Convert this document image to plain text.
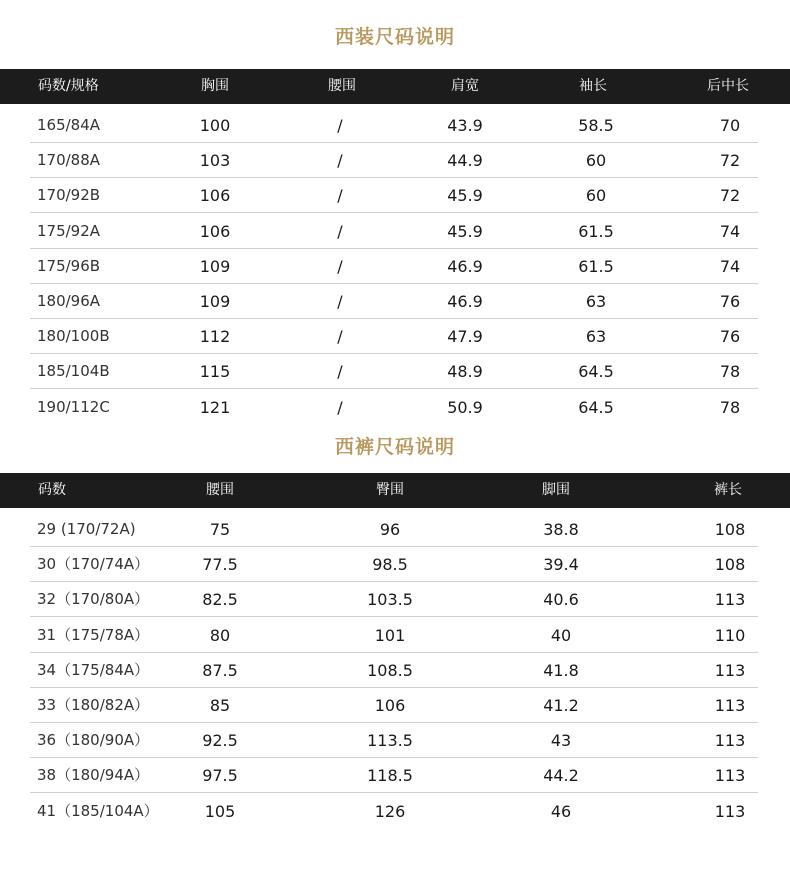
西装尺码说明
码数/规格	胸围	腰围	肩宽	袖长	后中长
165/84A	100	/	43.9	58.5	70
170/88A	103	/	44.9	60	72
170/92B	106	/	45.9	60	72
175/92A	106	/	45.9	61.5	74
175/96B	109	/	46.9	61.5	74
180/96A	109	/	46.9	63	76
180/100B	112	/	47.9	63	76
185/104B	115	/	48.9	64.5	78
190/112C	121	/	50.9	64.5	78
西裤尺码说明
码数	腰围	臀围	脚围	裤长
29 (170/72A)	75	96	38.8	108
30（170/74A）	77.5	98.5	39.4	108
32（170/80A）	82.5	103.5	40.6	113
31（175/78A）	80	101	40	110
34（175/84A）	87.5	108.5	41.8	113
33（180/82A）	85	106	41.2	113
36（180/90A）	92.5	113.5	43	113
38（180/94A）	97.5	118.5	44.2	113
41（185/104A）	105	126	46	113
